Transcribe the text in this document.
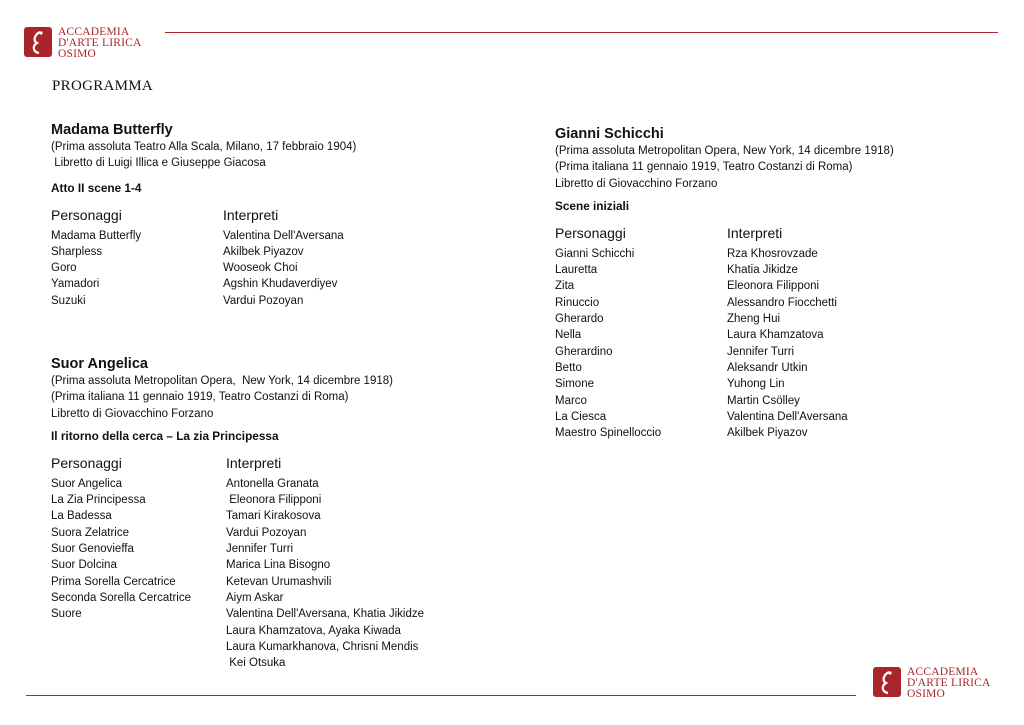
ACCADEMIA
D'ARTE LIRICA
OSIMO
PROGRAMMA
Madama Butterfly
(Prima assoluta Teatro Alla Scala, Milano, 17 febbraio 1904)
Libretto di Luigi Illica e Giuseppe Giacosa
Atto II scene 1-4
Personaggi	Interpreti
Madama Butterfly	Valentina Dell'Aversana
Sharpless	Akilbek Piyazov
Goro	Wooseok Choi
Yamadori	Agshin Khudaverdiyev
Suzuki	Vardui Pozoyan
Suor Angelica
(Prima assoluta Metropolitan Opera,  New York, 14 dicembre 1918)
(Prima italiana 11 gennaio 1919, Teatro Costanzi di Roma)
Libretto di Giovacchino Forzano
Il ritorno della cerca – La zia Principessa
Personaggi	Interpreti
Suor Angelica	Antonella Granata
La Zia Principessa	Eleonora Filipponi
La Badessa	Tamari Kirakosova
Suora Zelatrice	Vardui Pozoyan
Suor Genovieffa	Jennifer Turri
Suor Dolcina	Marica Lina Bisogno
Prima Sorella Cercatrice	Ketevan Urumashvili
Seconda Sorella Cercatrice	Aiym Askar
Suore	Valentina Dell'Aversana, Khatia Jikidze
Laura Khamzatova, Ayaka Kiwada
Laura Kumarkhanova, Chrisni Mendis
Kei Otsuka
Gianni Schicchi
(Prima assoluta Metropolitan Opera, New York, 14 dicembre 1918)
(Prima italiana 11 gennaio 1919, Teatro Costanzi di Roma)
Libretto di Giovacchino Forzano
Scene iniziali
Personaggi	Interpreti
Gianni Schicchi	Rza Khosrovzade
Lauretta	Khatia Jikidze
Zita	Eleonora Filipponi
Rinuccio	Alessandro Fiocchetti
Gherardo	Zheng Hui
Nella	Laura Khamzatova
Gherardino	Jennifer Turri
Betto	Aleksandr Utkin
Simone	Yuhong Lin
Marco	Martin Csölley
La Ciesca	Valentina Dell'Aversana
Maestro Spinelloccio	Akilbek Piyazov
ACCADEMIA
D'ARTE LIRICA
OSIMO
